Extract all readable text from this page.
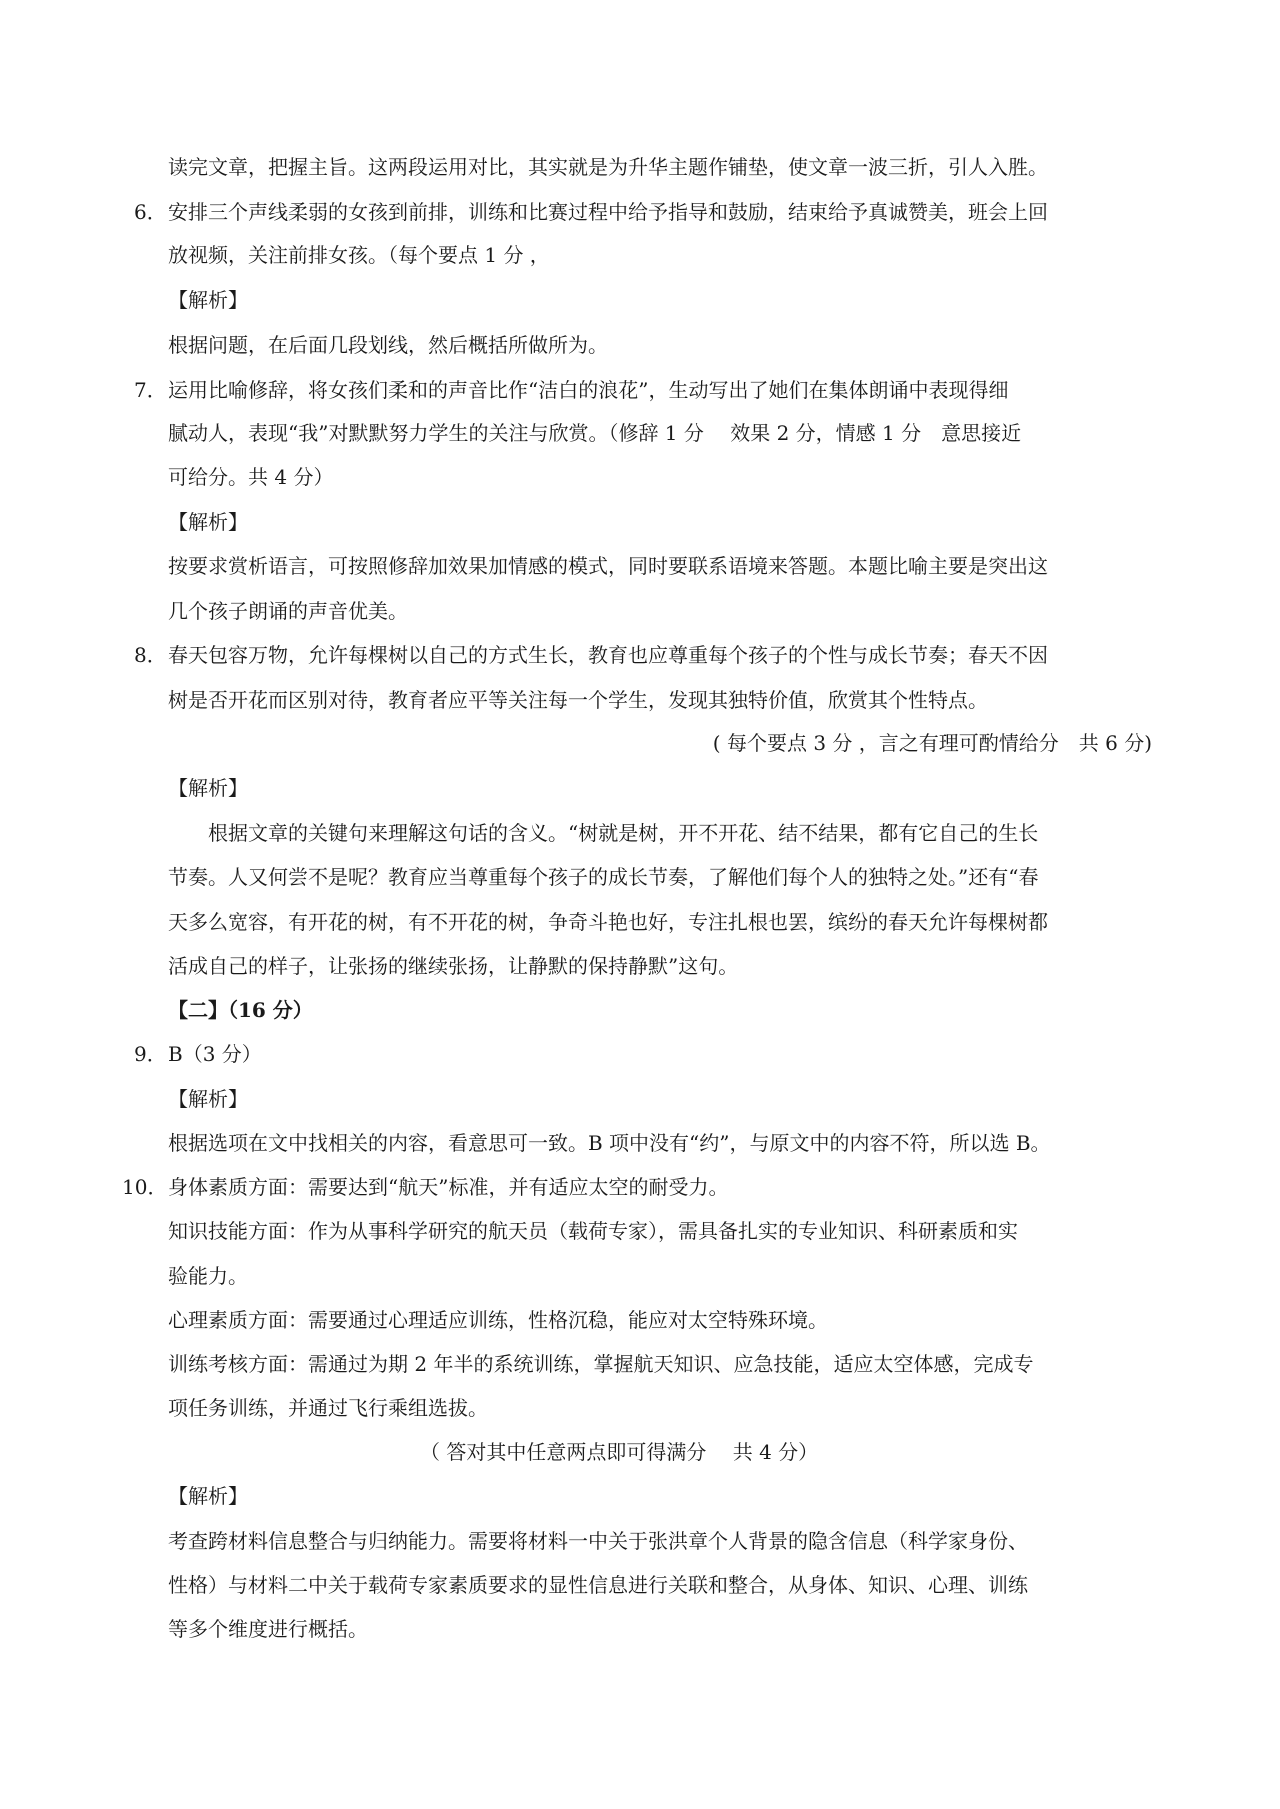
读完文章，把握主旨。这两段运用对比，其实就是为升华主题作铺垫，使文章一波三折，引人入胜。
6． 安排三个声线柔弱的女孩到前排，训练和比赛过程中给予指导和鼓励，结束给予真诚赞美，班会上回
放视频，关注前排女孩。（每个要点 1 分 ，
【解析】
根据问题，在后面几段划线，然后概括所做所为。
7． 运用比喻修辞，将女孩们柔和的声音比作“洁白的浪花”，生动写出了她们在集体朗诵中表现得细
腻动人，表现“我”对默默努力学生的关注与欣赏。（修辞 1 分　 效果 2 分，情感 1 分　意思接近
可给分。共 4 分）
【解析】
按要求赏析语言，可按照修辞加效果加情感的模式，同时要联系语境来答题。本题比喻主要是突出这
几个孩子朗诵的声音优美。
8． 春天包容万物，允许每棵树以自己的方式生长，教育也应尊重每个孩子的个性与成长节奏；春天不因
树是否开花而区别对待，教育者应平等关注每一个学生，发现其独特价值，欣赏其个性特点。
( 每个要点 3 分 ，言之有理可酌情给分　共 6 分)
【解析】
根据文章的关键句来理解这句话的含义。“树就是树，开不开花、结不结果，都有它自己的生长
节奏。人又何尝不是呢？教育应当尊重每个孩子的成长节奏，了解他们每个人的独特之处。”还有“春
天多么宽容，有开花的树，有不开花的树，争奇斗艳也好，专注扎根也罢，缤纷的春天允许每棵树都
活成自己的样子，让张扬的继续张扬，让静默的保持静默”这句。
【二】（16 分）
9． B（3 分）
【解析】
根据选项在文中找相关的内容，看意思可一致。B 项中没有“约”，与原文中的内容不符，所以选 B。
10． 身体素质方面：需要达到“航天”标准，并有适应太空的耐受力。
知识技能方面：作为从事科学研究的航天员（载荷专家），需具备扎实的专业知识、科研素质和实
验能力。
心理素质方面：需要通过心理适应训练，性格沉稳，能应对太空特殊环境。
训练考核方面：需通过为期 2 年半的系统训练，掌握航天知识、应急技能，适应太空体感，完成专
项任务训练，并通过飞行乘组选拔。
（ 答对其中任意两点即可得满分　 共 4 分）
【解析】
考查跨材料信息整合与归纳能力。需要将材料一中关于张洪章个人背景的隐含信息（科学家身份、
性格）与材料二中关于载荷专家素质要求的显性信息进行关联和整合，从身体、知识、心理、训练
等多个维度进行概括。
